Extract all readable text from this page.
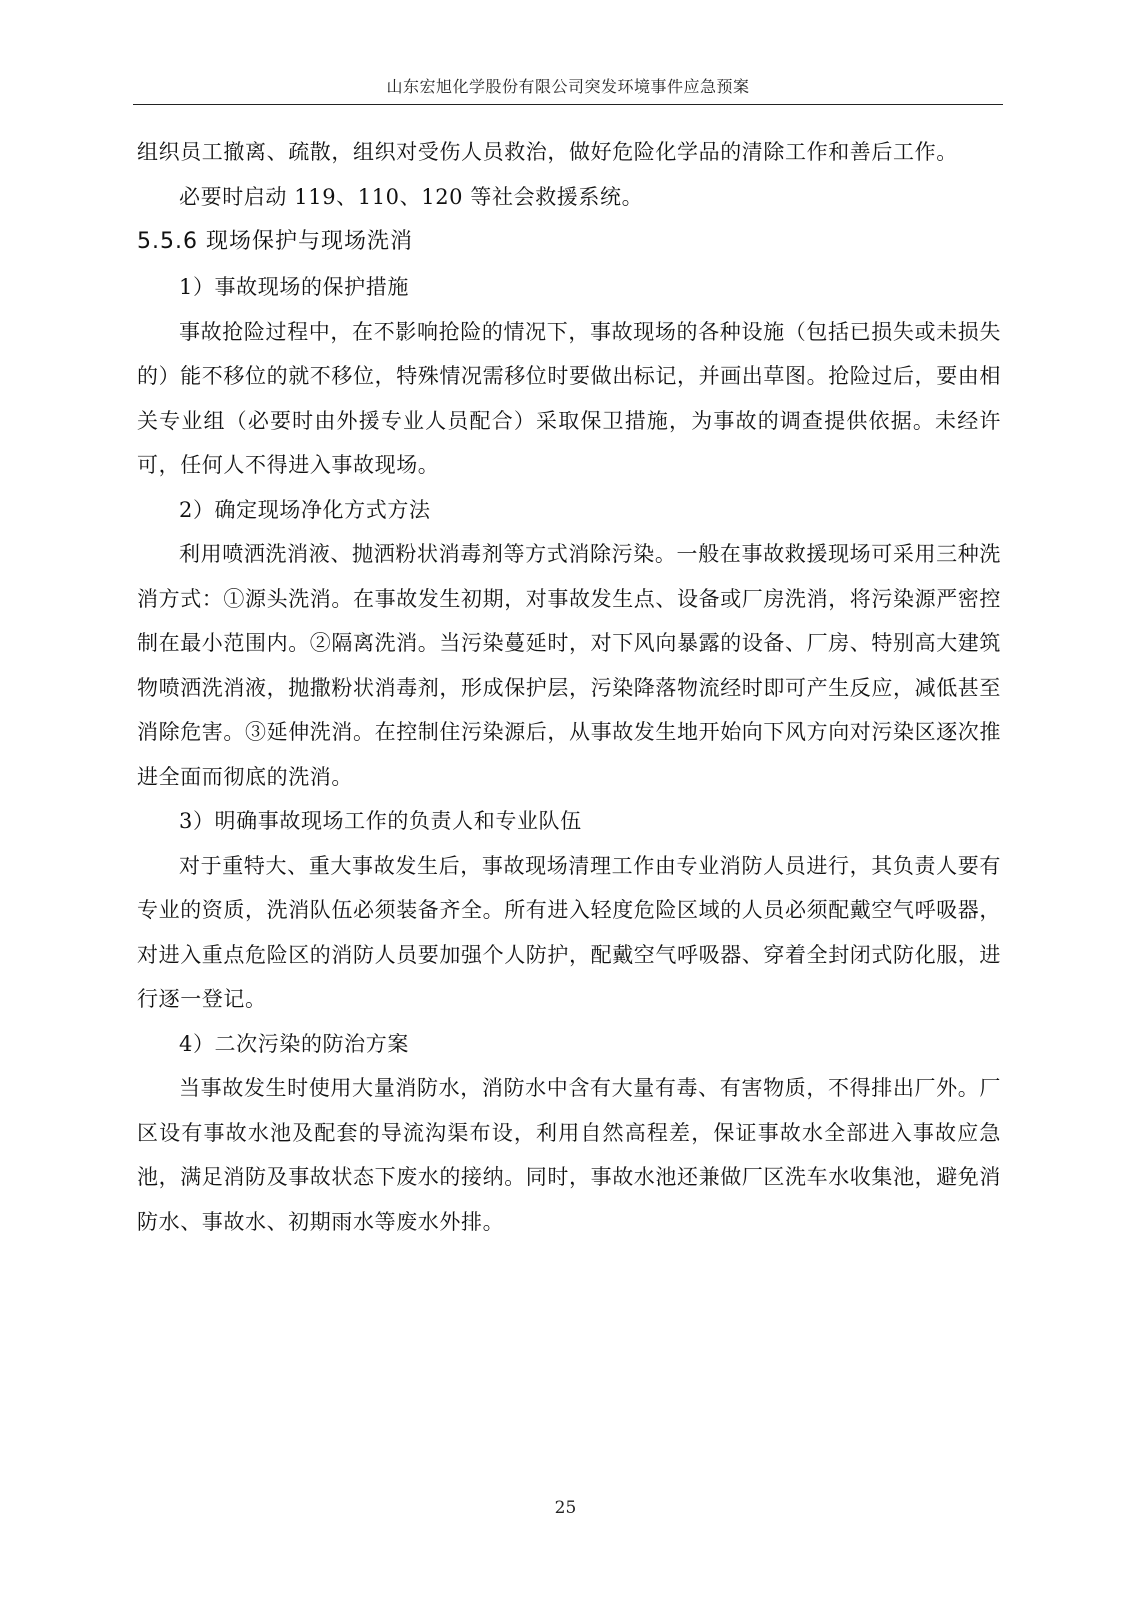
山东宏旭化学股份有限公司突发环境事件应急预案

组织员工撤离、疏散，组织对受伤人员救治，做好危险化学品的清除工作和善后工作。

必要时启动 119、110、120 等社会救援系统。

5.5.6 现场保护与现场洗消

1）事故现场的保护措施

事故抢险过程中，在不影响抢险的情况下，事故现场的各种设施（包括已损失或未损失的）能不移位的就不移位，特殊情况需移位时要做出标记，并画出草图。抢险过后，要由相关专业组（必要时由外援专业人员配合）采取保卫措施，为事故的调查提供依据。未经许可，任何人不得进入事故现场。

2）确定现场净化方式方法

利用喷洒洗消液、抛洒粉状消毒剂等方式消除污染。一般在事故救援现场可采用三种洗消方式：①源头洗消。在事故发生初期，对事故发生点、设备或厂房洗消，将污染源严密控制在最小范围内。②隔离洗消。当污染蔓延时，对下风向暴露的设备、厂房、特别高大建筑物喷洒洗消液，抛撒粉状消毒剂，形成保护层，污染降落物流经时即可产生反应，减低甚至消除危害。③延伸洗消。在控制住污染源后，从事故发生地开始向下风方向对污染区逐次推进全面而彻底的洗消。

3）明确事故现场工作的负责人和专业队伍

对于重特大、重大事故发生后，事故现场清理工作由专业消防人员进行，其负责人要有专业的资质，洗消队伍必须装备齐全。所有进入轻度危险区域的人员必须配戴空气呼吸器，对进入重点危险区的消防人员要加强个人防护，配戴空气呼吸器、穿着全封闭式防化服，进行逐一登记。

4）二次污染的防治方案

当事故发生时使用大量消防水，消防水中含有大量有毒、有害物质，不得排出厂外。厂区设有事故水池及配套的导流沟渠布设，利用自然高程差，保证事故水全部进入事故应急池，满足消防及事故状态下废水的接纳。同时，事故水池还兼做厂区洗车水收集池，避免消防水、事故水、初期雨水等废水外排。

25
